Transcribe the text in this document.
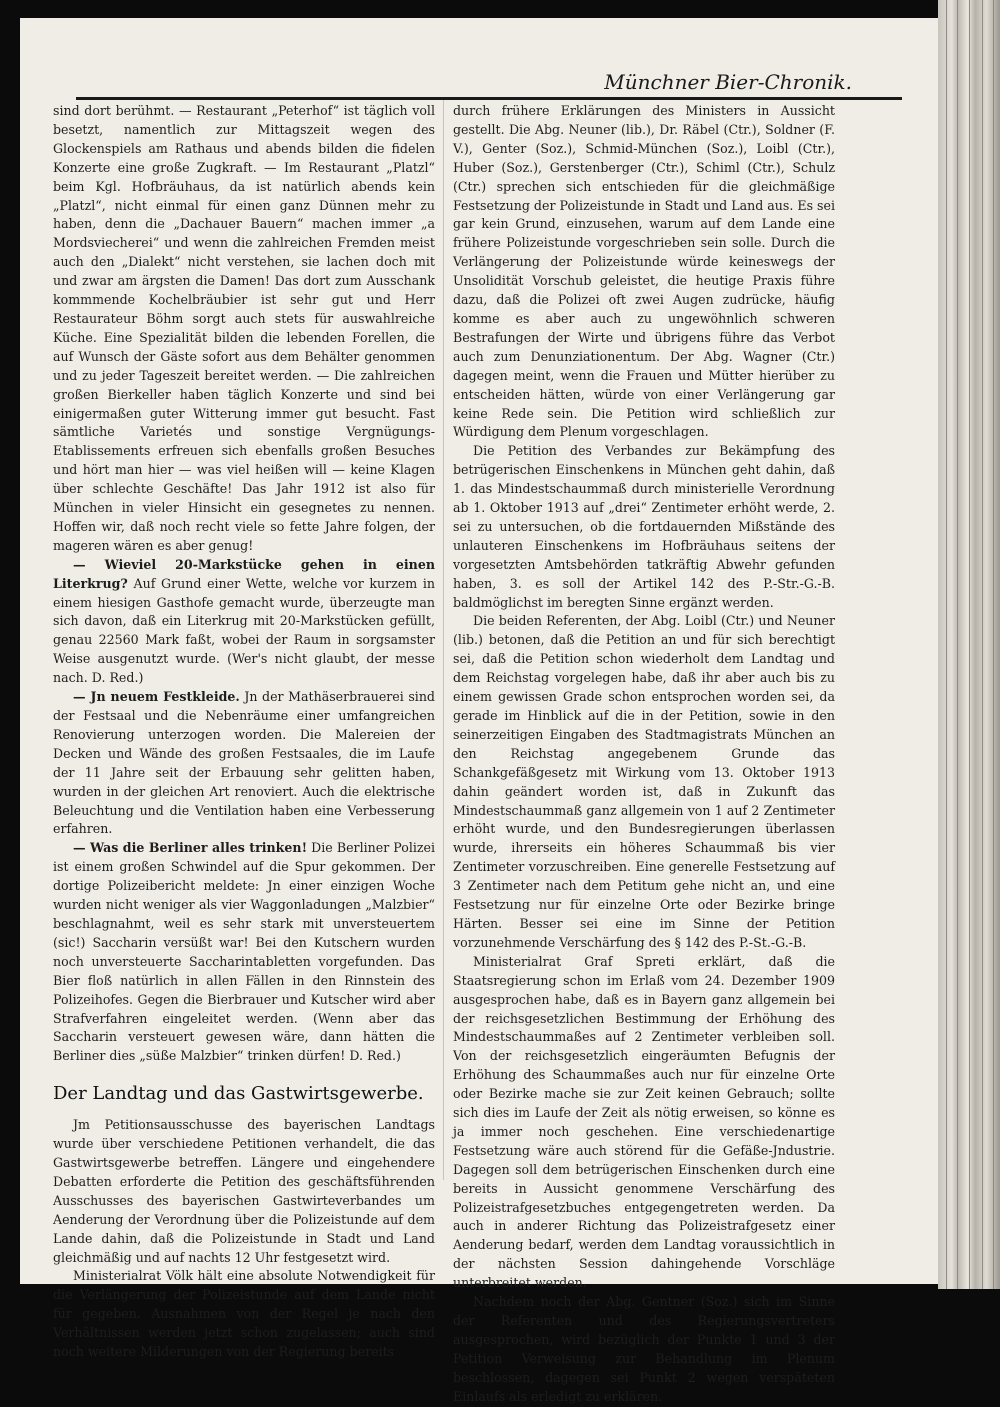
Münchner Bier-Chronik.

sind dort berühmt. — Restaurant „Peterhof“ ist täglich voll besetzt, namentlich zur Mittagszeit wegen des Glockenspiels am Rathaus und abends bilden die fidelen Konzerte eine große Zugkraft. — Im Restaurant „Platzl“ beim Kgl. Hofbräuhaus, da ist natürlich abends kein „Platzl“, nicht einmal für einen ganz Dünnen mehr zu haben, denn die „Dachauer Bauern“ machen immer „a Mordsviecherei“ und wenn die zahlreichen Fremden meist auch den „Dialekt“ nicht verstehen, sie lachen doch mit und zwar am ärgsten die Damen! Das dort zum Ausschank kommmende Kochelbräubier ist sehr gut und Herr Restaurateur Böhm sorgt auch stets für auswahlreiche Küche. Eine Spezialität bilden die lebenden Forellen, die auf Wunsch der Gäste sofort aus dem Behälter genommen und zu jeder Tageszeit bereitet werden. — Die zahlreichen großen Bierkeller haben täglich Konzerte und sind bei einigermaßen guter Witterung immer gut besucht. Fast sämtliche Varietés und sonstige Vergnügungs-Etablissements erfreuen sich ebenfalls großen Besuches und hört man hier — was viel heißen will — keine Klagen über schlechte Geschäfte! Das Jahr 1912 ist also für München in vieler Hinsicht ein gesegnetes zu nennen. Hoffen wir, daß noch recht viele so fette Jahre folgen, der mageren wären es aber genug!

— Wieviel 20-Markstücke gehen in einen Literkrug? Auf Grund einer Wette, welche vor kurzem in einem hiesigen Gasthofe gemacht wurde, überzeugte man sich davon, daß ein Literkrug mit 20-Markstücken gefüllt, genau 22560 Mark faßt, wobei der Raum in sorgsamster Weise ausgenutzt wurde. (Wer's nicht glaubt, der messe nach. D. Red.)

— Jn neuem Festkleide. Jn der Mathäserbrauerei sind der Festsaal und die Nebenräume einer umfangreichen Renovierung unterzogen worden. Die Malereien der Decken und Wände des großen Festsaales, die im Laufe der 11 Jahre seit der Erbauung sehr gelitten haben, wurden in der gleichen Art renoviert. Auch die elektrische Beleuchtung und die Ventilation haben eine Verbesserung erfahren.

— Was die Berliner alles trinken! Die Berliner Polizei ist einem großen Schwindel auf die Spur gekommen. Der dortige Polizeibericht meldete: Jn einer einzigen Woche wurden nicht weniger als vier Waggonladungen „Malzbier“ beschlagnahmt, weil es sehr stark mit unversteuertem (sic!) Saccharin versüßt war! Bei den Kutschern wurden noch unversteuerte Saccharintabletten vorgefunden. Das Bier floß natürlich in allen Fällen in den Rinnstein des Polizeihofes. Gegen die Bierbrauer und Kutscher wird aber Strafverfahren eingeleitet werden. (Wenn aber das Saccharin versteuert gewesen wäre, dann hätten die Berliner dies „süße Malzbier“ trinken dürfen! D. Red.)

Der Landtag und das Gastwirtsgewerbe.

Jm Petitionsausschusse des bayerischen Landtags wurde über verschiedene Petitionen verhandelt, die das Gastwirtsgewerbe betreffen. Längere und eingehendere Debatten erforderte die Petition des geschäftsführenden Ausschusses des bayerischen Gastwirteverbandes um Aenderung der Verordnung über die Polizeistunde auf dem Lande dahin, daß die Polizeistunde in Stadt und Land gleichmäßig und auf nachts 12 Uhr festgesetzt wird.

Ministerialrat Völk hält eine absolute Notwendigkeit für die Verlängerung der Polizeistunde auf dem Lande nicht für gegeben. Ausnahmen von der Regel je nach den Verhältnissen werden jetzt schon zugelassen; auch sind noch weitere Milderungen von der Regierung bereits

durch frühere Erklärungen des Ministers in Aussicht gestellt. Die Abg. Neuner (lib.), Dr. Räbel (Ctr.), Soldner (F. V.), Genter (Soz.), Schmid-München (Soz.), Loibl (Ctr.), Huber (Soz.), Gerstenberger (Ctr.), Schiml (Ctr.), Schulz (Ctr.) sprechen sich entschieden für die gleichmäßige Festsetzung der Polizeistunde in Stadt und Land aus. Es sei gar kein Grund, einzusehen, warum auf dem Lande eine frühere Polizeistunde vorgeschrieben sein solle. Durch die Verlängerung der Polizeistunde würde keineswegs der Unsolidität Vorschub geleistet, die heutige Praxis führe dazu, daß die Polizei oft zwei Augen zudrücke, häufig komme es aber auch zu ungewöhnlich schweren Bestrafungen der Wirte und übrigens führe das Verbot auch zum Denunziationentum. Der Abg. Wagner (Ctr.) dagegen meint, wenn die Frauen und Mütter hierüber zu entscheiden hätten, würde von einer Verlängerung gar keine Rede sein. Die Petition wird schließlich zur Würdigung dem Plenum vorgeschlagen.

Die Petition des Verbandes zur Bekämpfung des betrügerischen Einschenkens in München geht dahin, daß 1. das Mindestschaummaß durch ministerielle Verordnung ab 1. Oktober 1913 auf „drei“ Zentimeter erhöht werde, 2. sei zu untersuchen, ob die fortdauernden Mißstände des unlauteren Einschenkens im Hofbräuhaus seitens der vorgesetzten Amtsbehörden tatkräftig Abwehr gefunden haben, 3. es soll der Artikel 142 des P.-Str.-G.-B. baldmöglichst im beregten Sinne ergänzt werden.

Die beiden Referenten, der Abg. Loibl (Ctr.) und Neuner (lib.) betonen, daß die Petition an und für sich berechtigt sei, daß die Petition schon wiederholt dem Landtag und dem Reichstag vorgelegen habe, daß ihr aber auch bis zu einem gewissen Grade schon entsprochen worden sei, da gerade im Hinblick auf die in der Petition, sowie in den seinerzeitigen Eingaben des Stadtmagistrats München an den Reichstag angegebenem Grunde das Schankgefäßgesetz mit Wirkung vom 13. Oktober 1913 dahin geändert worden ist, daß in Zukunft das Mindestschaummaß ganz allgemein von 1 auf 2 Zentimeter erhöht wurde, und den Bundesregierungen überlassen wurde, ihrerseits ein höheres Schaummaß bis vier Zentimeter vorzuschreiben. Eine generelle Festsetzung auf 3 Zentimeter nach dem Petitum gehe nicht an, und eine Festsetzung nur für einzelne Orte oder Bezirke bringe Härten. Besser sei eine im Sinne der Petition vorzunehmende Verschärfung des § 142 des P.-St.-G.-B.

Ministerialrat Graf Spreti erklärt, daß die Staatsregierung schon im Erlaß vom 24. Dezember 1909 ausgesprochen habe, daß es in Bayern ganz allgemein bei der reichsgesetzlichen Bestimmung der Erhöhung des Mindestschaummaßes auf 2 Zentimeter verbleiben soll. Von der reichsgesetzlich eingeräumten Befugnis der Erhöhung des Schaummaßes auch nur für einzelne Orte oder Bezirke mache sie zur Zeit keinen Gebrauch; sollte sich dies im Laufe der Zeit als nötig erweisen, so könne es ja immer noch geschehen. Eine verschiedenartige Festsetzung wäre auch störend für die Gefäße-Jndustrie. Dagegen soll dem betrügerischen Einschenken durch eine bereits in Aussicht genommene Verschärfung des Polizeistrafgesetzbuches entgegengetreten werden. Da auch in anderer Richtung das Polizeistrafgesetz einer Aenderung bedarf, werden dem Landtag voraussichtlich in der nächsten Session dahingehende Vorschläge unterbreitet werden.

Nachdem noch der Abg. Gentner (Soz.) sich im Sinne der Referenten und des Regierungsvertreters ausgesprochen, wird bezüglich der Punkte 1 und 3 der Petition Verweisung zur Behandlung im Plenum beschlossen, dagegen sei Punkt 2 wegen verspäteten Einlaufs als erledigt zu erklären.
